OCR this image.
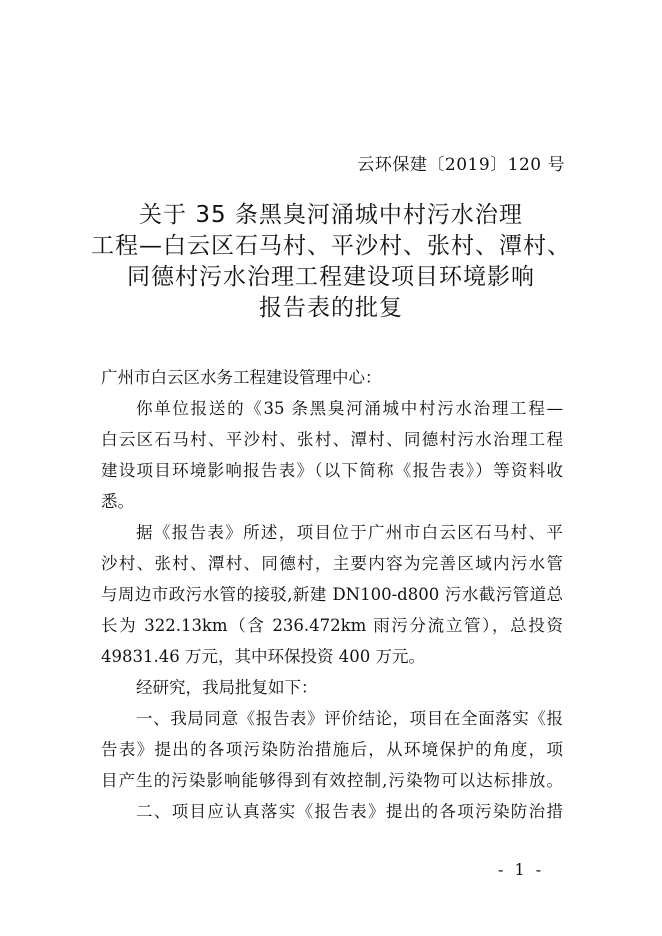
云环保建〔2019〕120 号
关于 35 条黑臭河涌城中村污水治理
工程—白云区石马村、平沙村、张村、潭村、
同德村污水治理工程建设项目环境影响
报告表的批复
广州市白云区水务工程建设管理中心：
你单位报送的《35 条黑臭河涌城中村污水治理工程—
白云区石马村、平沙村、张村、潭村、同德村污水治理工程
建设项目环境影响报告表》（以下简称《报告表》）等资料收
悉。
据《报告表》所述，项目位于广州市白云区石马村、平
沙村、张村、潭村、同德村，主要内容为完善区域内污水管
与周边市政污水管的接驳,新建 DN100-d800 污水截污管道总
长为 322.13km（含 236.472km 雨污分流立管），总投资
49831.46 万元，其中环保投资 400 万元。
经研究，我局批复如下：
一、我局同意《报告表》评价结论，项目在全面落实《报
告表》提出的各项污染防治措施后，从环境保护的角度，项
目产生的污染影响能够得到有效控制,污染物可以达标排放。
二、项目应认真落实《报告表》提出的各项污染防治措
- 1 -
